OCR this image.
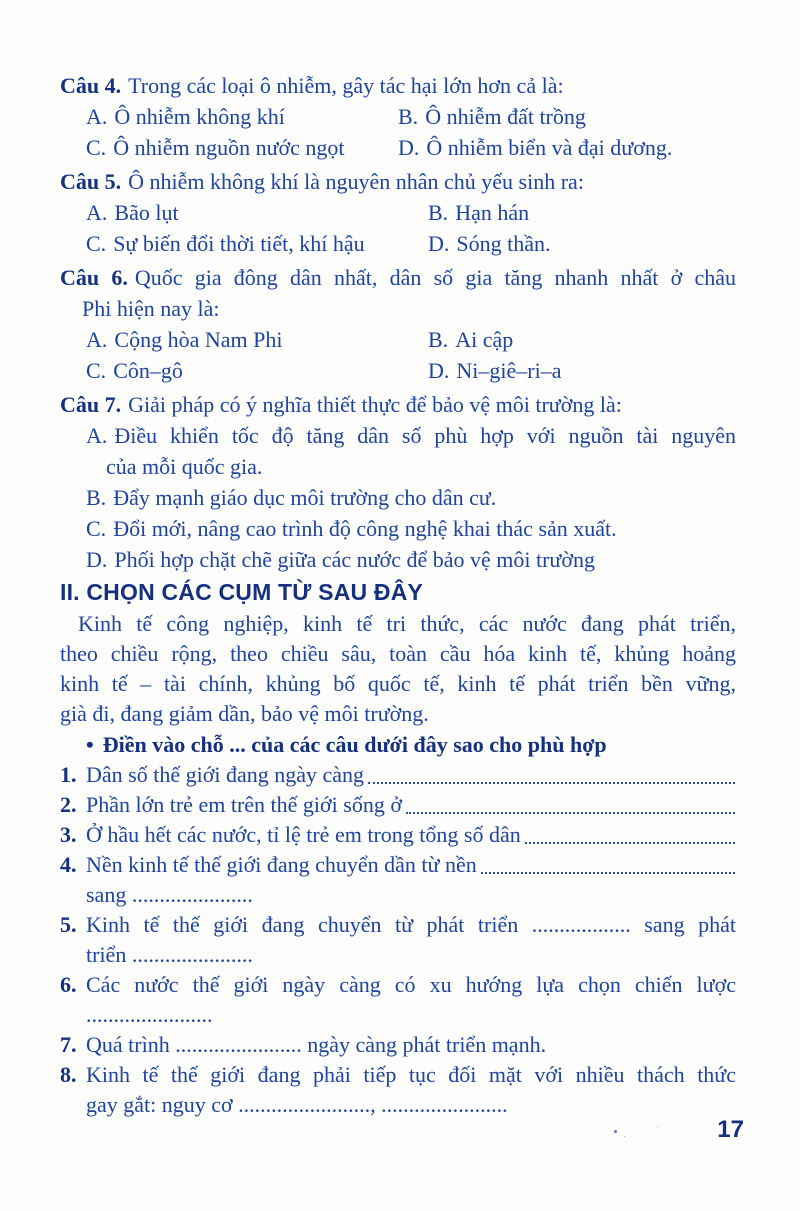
Câu 4. Trong các loại ô nhiễm, gây tác hại lớn hơn cả là:

A. Ô nhiễm không khí	B. Ô nhiễm đất trồng

C. Ô nhiễm nguồn nước ngọt	D. Ô nhiễm biển và đại dương.

Câu 5. Ô nhiễm không khí là nguyên nhân chủ yếu sinh ra:

A. Bão lụt	B. Hạn hán

C. Sự biến đổi thời tiết, khí hậu	D. Sóng thần.

Câu 6. Quốc gia đông dân nhất, dân số gia tăng nhanh nhất ở châu

Phi hiện nay là:

A. Cộng hòa Nam Phi	B. Ai cập

C. Côn–gô	D. Ni–giê–ri–a

Câu 7. Giải pháp có ý nghĩa thiết thực để bảo vệ môi trường là:

A. Điều khiển tốc độ tăng dân số phù hợp với nguồn tài nguyên

của mỗi quốc gia.

B. Đẩy mạnh giáo dục môi trường cho dân cư.

C. Đổi mới, nâng cao trình độ công nghệ khai thác sản xuất.

D. Phối hợp chặt chẽ giữa các nước để bảo vệ môi trường

II. CHỌN CÁC CỤM TỪ SAU ĐÂY

Kinh tế công nghiệp, kinh tế tri thức, các nước đang phát triển,

theo chiều rộng, theo chiều sâu, toàn cầu hóa kinh tế, khủng hoảng

kinh tế – tài chính, khủng bố quốc tế, kinh tế phát triển bền vững,

già đi, đang giảm dần, bảo vệ môi trường.

• Điền vào chỗ ... của các câu dưới đây sao cho phù hợp

1. Dân số thế giới đang ngày càng
2. Phần lớn trẻ em trên thế giới sống ở
3. Ở hầu hết các nước, tỉ lệ trẻ em trong tổng số dân
4. Nền kinh tế thế giới đang chuyển dần từ nền
sang ......................
5. Kinh tế thế giới đang chuyển từ phát triển .................. sang phát
triển ......................
6. Các nước thế giới ngày càng có xu hướng lựa chọn chiến lược
.......................
7. Quá trình ....................... ngày càng phát triển mạnh.
8. Kinh tế thế giới đang phải tiếp tục đối mặt với nhiều thách thức
gay gắt: nguy cơ ........................, .......................
17
